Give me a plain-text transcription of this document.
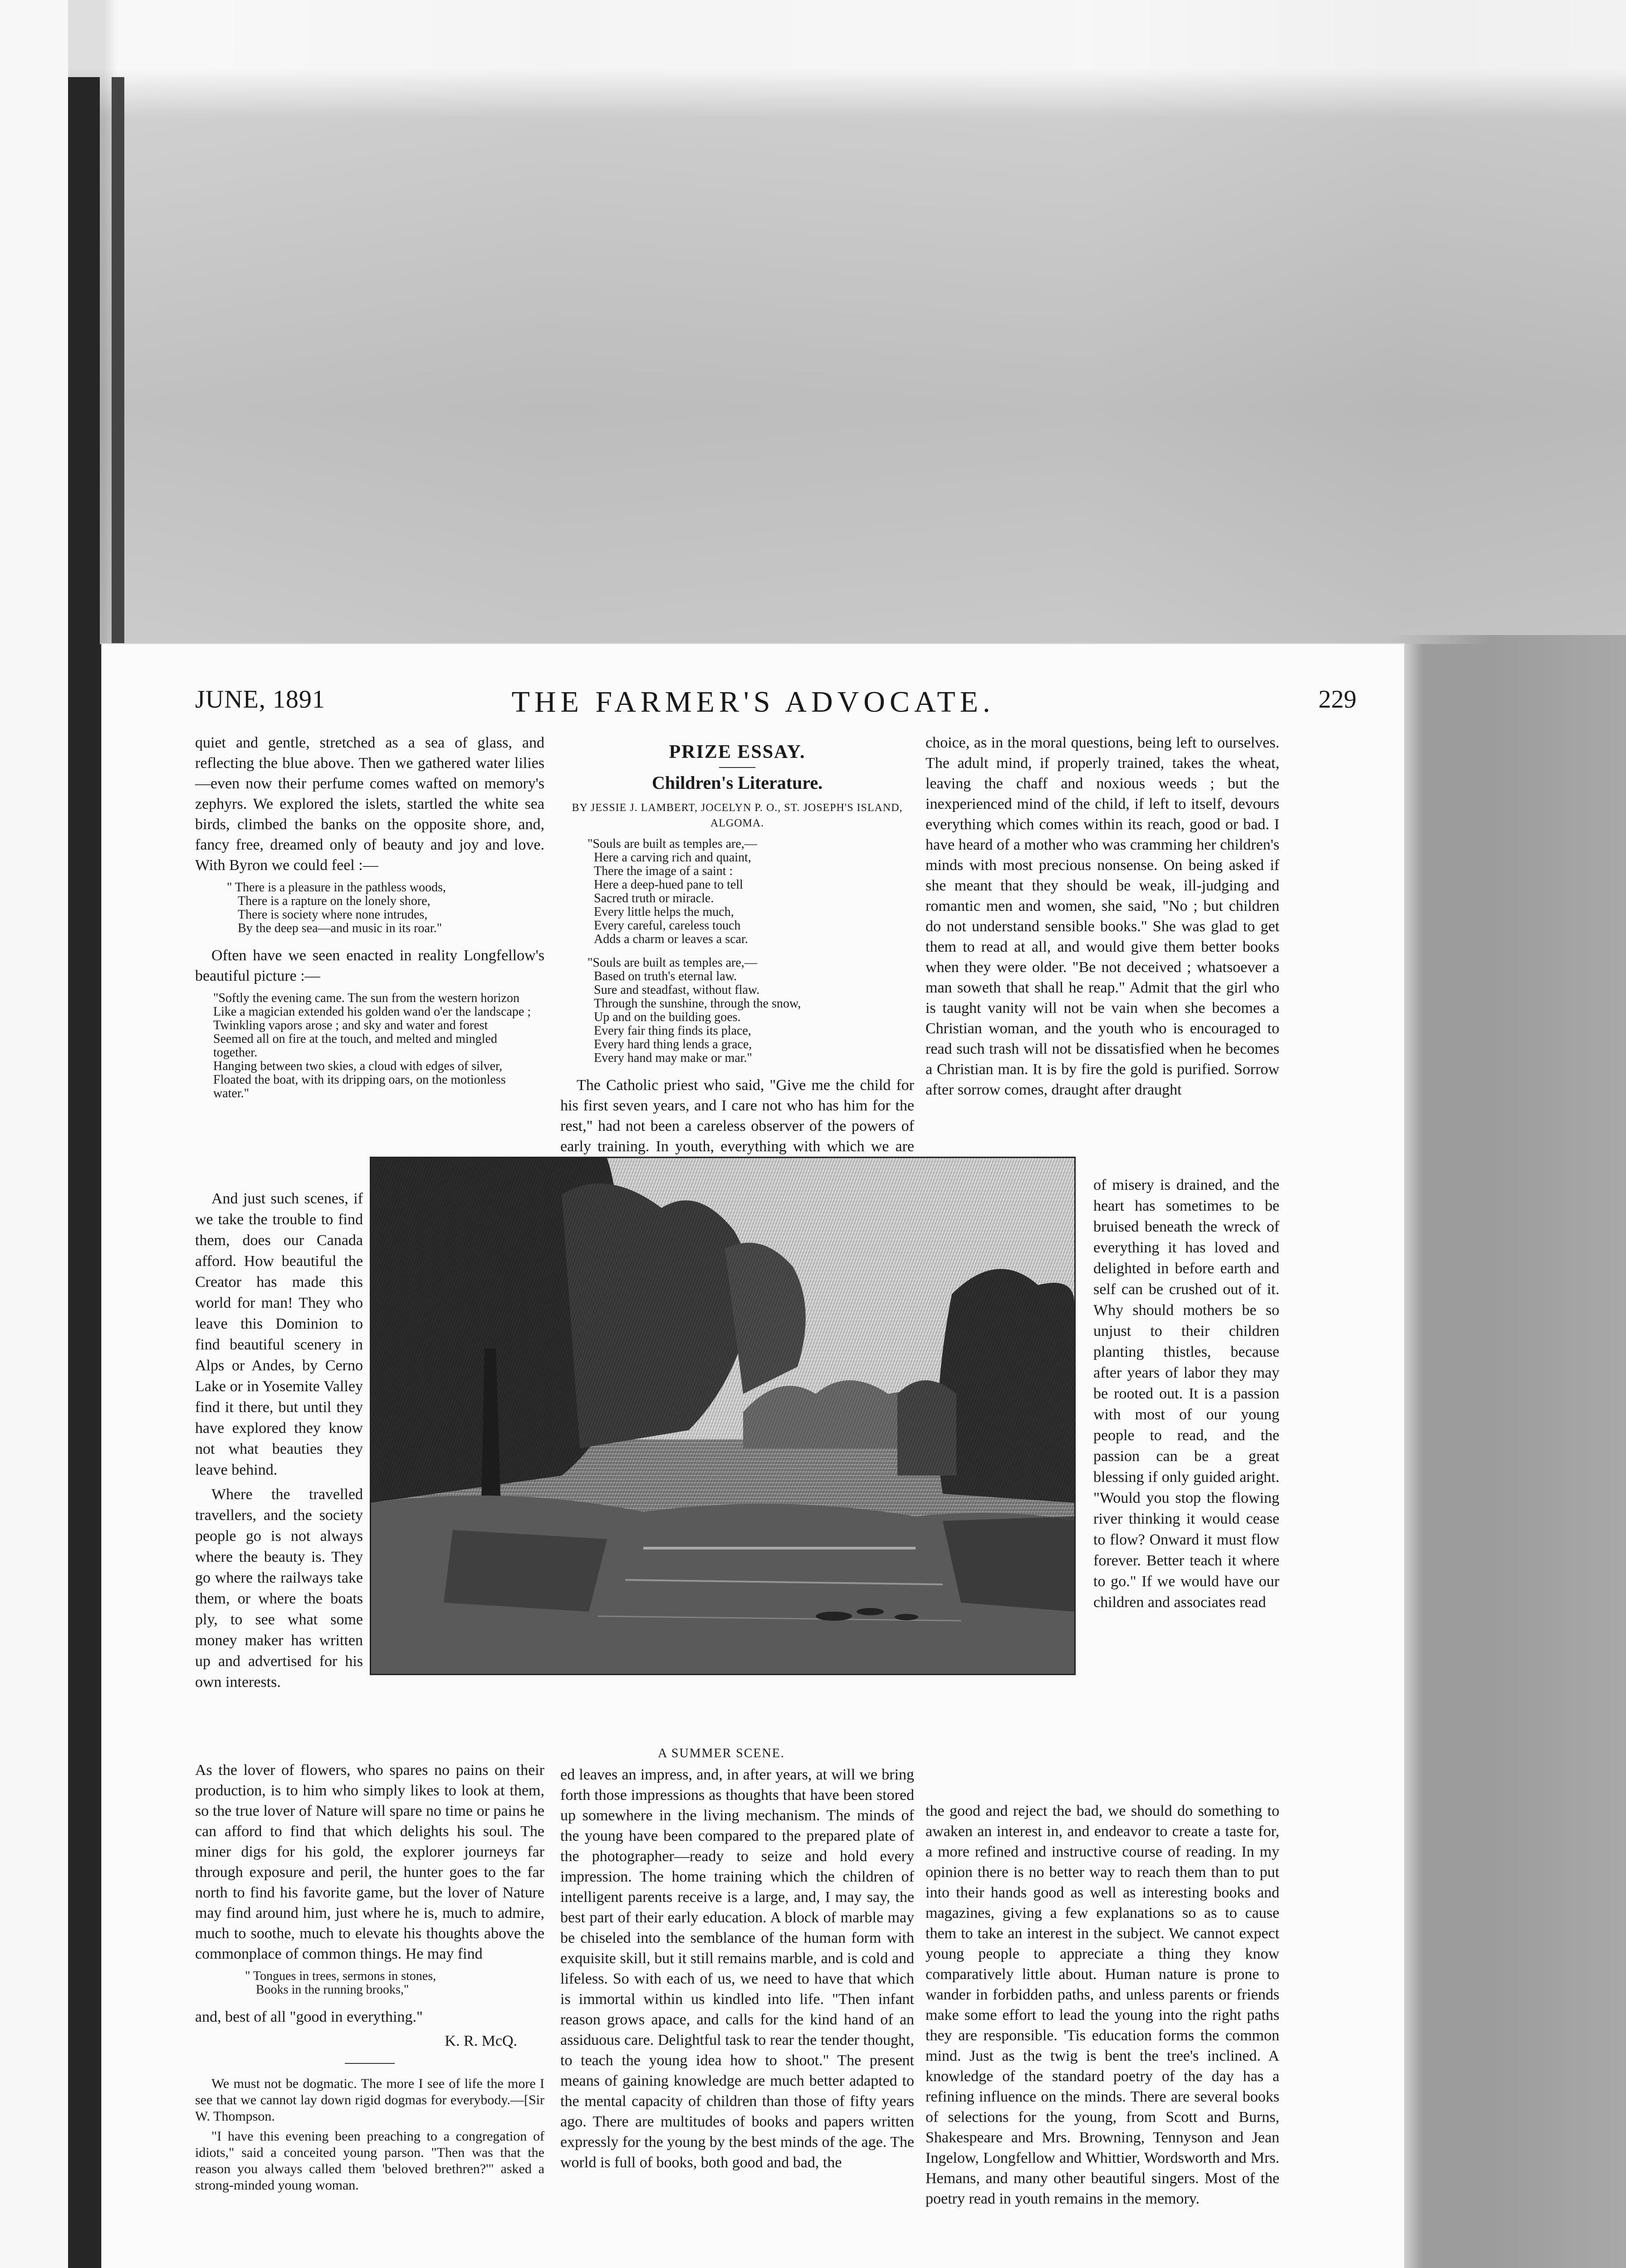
JUNE, 1891	THE FARMER'S ADVOCATE.	229

quiet and gentle, stretched as a sea of glass, and reflecting the blue above. Then we gathered water lilies—even now their perfume comes wafted on memory's zephyrs. We explored the islets, startled the white sea birds, climbed the banks on the opposite shore, and, fancy free, dreamed only of beauty and joy and love. With Byron we could feel :—

" There is a pleasure in the pathless woods,
There is a rapture on the lonely shore,
There is society where none intrudes,
By the deep sea—and music in its roar."

Often have we seen enacted in reality Longfellow's beautiful picture :—

"Softly the evening came. The sun from the western horizon
Like a magician extended his golden wand o'er the landscape ;
Twinkling vapors arose ; and sky and water and forest
Seemed all on fire at the touch, and melted and mingled together.
Hanging between two skies, a cloud with edges of silver,
Floated the boat, with its dripping oars, on the motionless water."

And just such scenes, if we take the trouble to find them, does our Canada afford. How beautiful the Creator has made this world for man! They who leave this Dominion to find beautiful scenery in Alps or Andes, by Cerno Lake or in Yosemite Valley find it there, but until they have explored they know not what beauties they leave behind.

Where the travelled travellers, and the society people go is not always where the beauty is. They go where the railways take them, or where the boats ply, to see what some money maker has written up and advertised for his own interests.

As the lover of flowers, who spares no pains on their production, is to him who simply likes to look at them, so the true lover of Nature will spare no time or pains he can afford to find that which delights his soul. The miner digs for his gold, the explorer journeys far through exposure and peril, the hunter goes to the far north to find his favorite game, but the lover of Nature may find around him, just where he is, much to admire, much to soothe, much to elevate his thoughts above the commonplace of common things. He may find

" Tongues in trees, sermons in stones,
Books in the running brooks,"

and, best of all "good in everything."

K. R. McQ.

We must not be dogmatic. The more I see of life the more I see that we cannot lay down rigid dogmas for everybody.—[Sir W. Thompson.

"I have this evening been preaching to a congregation of idiots," said a conceited young parson. "Then was that the reason you always called them 'beloved brethren?'" asked a strong-minded young woman.

PRIZE ESSAY.
Children's Literature.
BY JESSIE J. LAMBERT, JOCELYN P. O., ST. JOSEPH'S ISLAND, ALGOMA.
"Souls are built as temples are,—
Here a carving rich and quaint,
There the image of a saint :
Here a deep-hued pane to tell
Sacred truth or miracle.
Every little helps the much,
Every careful, careless touch
Adds a charm or leaves a scar.
"Souls are built as temples are,—
Based on truth's eternal law.
Sure and steadfast, without flaw.
Through the sunshine, through the snow,
Up and on the building goes.
Every fair thing finds its place,
Every hard thing lends a grace,
Every hand may make or mar."

The Catholic priest who said, "Give me the child for his first seven years, and I care not who has him for the rest," had not been a careless observer of the powers of early training. In youth, everything with which we are

ed leaves an impress, and, in after years, at will we bring forth those impressions as thoughts that have been stored up somewhere in the living mechanism. The minds of the young have been compared to the prepared plate of the photographer—ready to seize and hold every impression. The home training which the children of intelligent parents receive is a large, and, I may say, the best part of their early education. A block of marble may be chiseled into the semblance of the human form with exquisite skill, but it still remains marble, and is cold and lifeless. So with each of us, we need to have that which is immortal within us kindled into life. "Then infant reason grows apace, and calls for the kind hand of an assiduous care. Delightful task to rear the tender thought, to teach the young idea how to shoot." The present means of gaining knowledge are much better adapted to the mental capacity of children than those of fifty years ago. There are multitudes of books and papers written expressly for the young by the best minds of the age. The world is full of books, both good and bad, the

choice, as in the moral questions, being left to ourselves. The adult mind, if properly trained, takes the wheat, leaving the chaff and noxious weeds ; but the inexperienced mind of the child, if left to itself, devours everything which comes within its reach, good or bad. I have heard of a mother who was cramming her children's minds with most precious nonsense. On being asked if she meant that they should be weak, ill-judging and romantic men and women, she said, "No ; but children do not understand sensible books." She was glad to get them to read at all, and would give them better books when they were older. "Be not deceived ; whatsoever a man soweth that shall he reap." Admit that the girl who is taught vanity will not be vain when she becomes a Christian woman, and the youth who is encouraged to read such trash will not be dissatisfied when he becomes a Christian man. It is by fire the gold is purified. Sorrow after sorrow comes, draught after draught

of misery is drained, and the heart has sometimes to be bruised beneath the wreck of everything it has loved and delighted in before earth and self can be crushed out of it. Why should mothers be so unjust to their children planting thistles, because after years of labor they may be rooted out. It is a passion with most of our young people to read, and the passion can be a great blessing if only guided aright. "Would you stop the flowing river thinking it would cease to flow? Onward it must flow forever. Better teach it where to go." If we would have our children and associates read

the good and reject the bad, we should do something to awaken an interest in, and endeavor to create a taste for, a more refined and instructive course of reading. In my opinion there is no better way to reach them than to put into their hands good as well as interesting books and magazines, giving a few explanations so as to cause them to take an interest in the subject. We cannot expect young people to appreciate a thing they know comparatively little about. Human nature is prone to wander in forbidden paths, and unless parents or friends make some effort to lead the young into the right paths they are responsible. 'Tis education forms the common mind. Just as the twig is bent the tree's inclined. A knowledge of the standard poetry of the day has a refining influence on the minds. There are several books of selections for the young, from Scott and Burns, Shakespeare and Mrs. Browning, Tennyson and Jean Ingelow, Longfellow and Whittier, Wordsworth and Mrs. Hemans, and many other beautiful singers. Most of the poetry read in youth remains in the memory.

A SUMMER SCENE.
